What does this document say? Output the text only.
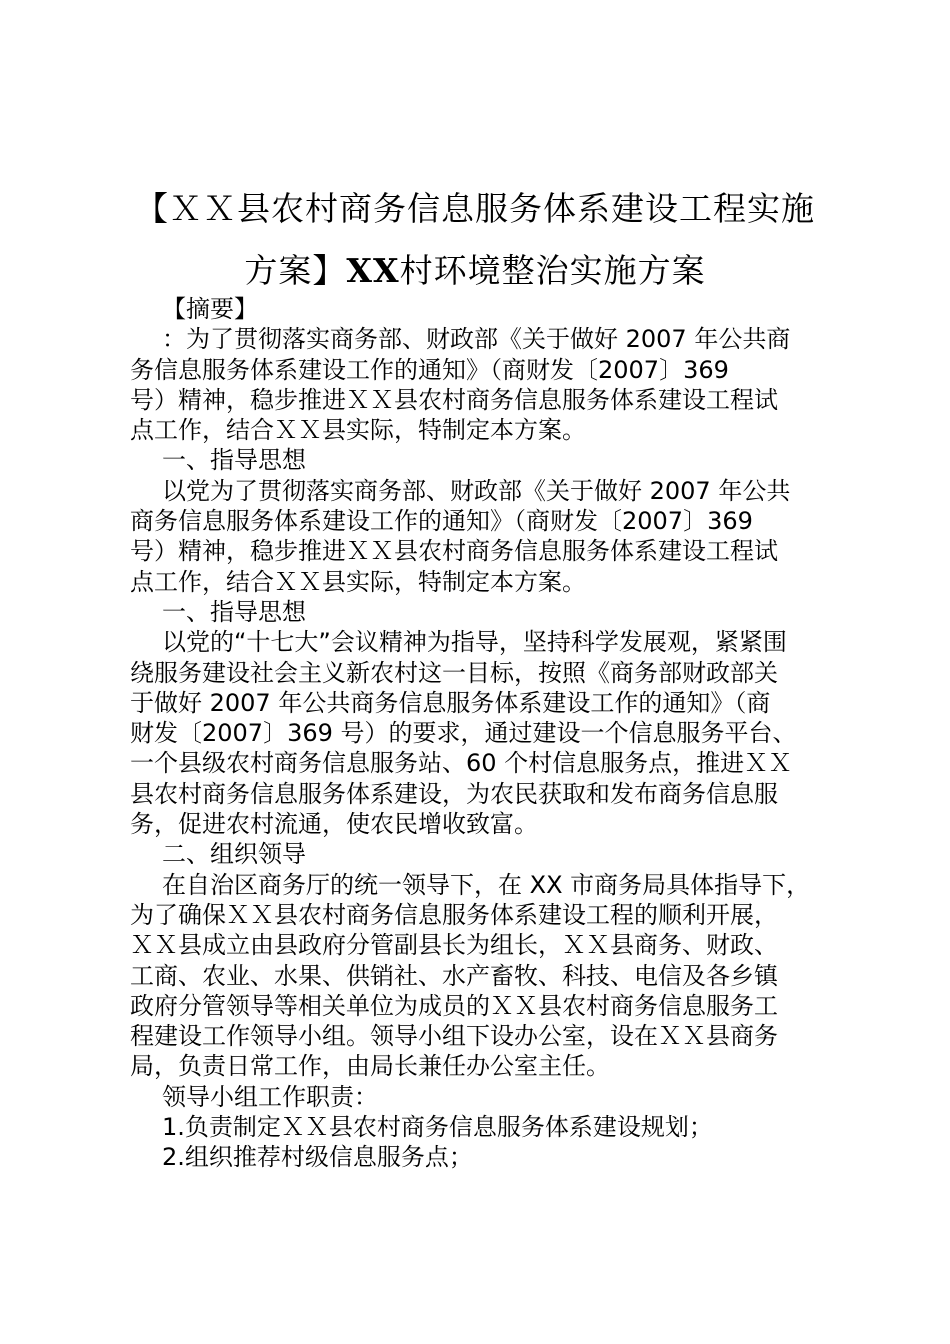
【ＸＸ县农村商务信息服务体系建设工程实施
方案】XX村环境整治实施方案

【摘要】

：为了贯彻落实商务部、财政部《关于做好 2007 年公共商
务信息服务体系建设工作的通知》（商财发〔2007〕369
号）精神，稳步推进ＸＸ县农村商务信息服务体系建设工程试
点工作，结合ＸＸ县实际，特制定本方案。

一、指导思想

以党为了贯彻落实商务部、财政部《关于做好 2007 年公共
商务信息服务体系建设工作的通知》（商财发〔2007〕369
号）精神，稳步推进ＸＸ县农村商务信息服务体系建设工程试
点工作，结合ＸＸ县实际，特制定本方案。

一、指导思想

以党的“十七大”会议精神为指导，坚持科学发展观，紧紧围
绕服务建设社会主义新农村这一目标，按照《商务部财政部关
于做好 2007 年公共商务信息服务体系建设工作的通知》（商
财发〔2007〕369 号）的要求，通过建设一个信息服务平台、
一个县级农村商务信息服务站、60 个村信息服务点，推进ＸＸ
县农村商务信息服务体系建设，为农民获取和发布商务信息服
务，促进农村流通，使农民增收致富。

二、组织领导

在自治区商务厅的统一领导下，在 XX 市商务局具体指导下，
为了确保ＸＸ县农村商务信息服务体系建设工程的顺利开展，
ＸＸ县成立由县政府分管副县长为组长，ＸＸ县商务、财政、
工商、农业、水果、供销社、水产畜牧、科技、电信及各乡镇
政府分管领导等相关单位为成员的ＸＸ县农村商务信息服务工
程建设工作领导小组。领导小组下设办公室，设在ＸＸ县商务
局，负责日常工作，由局长兼任办公室主任。

领导小组工作职责：

1.负责制定ＸＸ县农村商务信息服务体系建设规划；

2.组织推荐村级信息服务点；
